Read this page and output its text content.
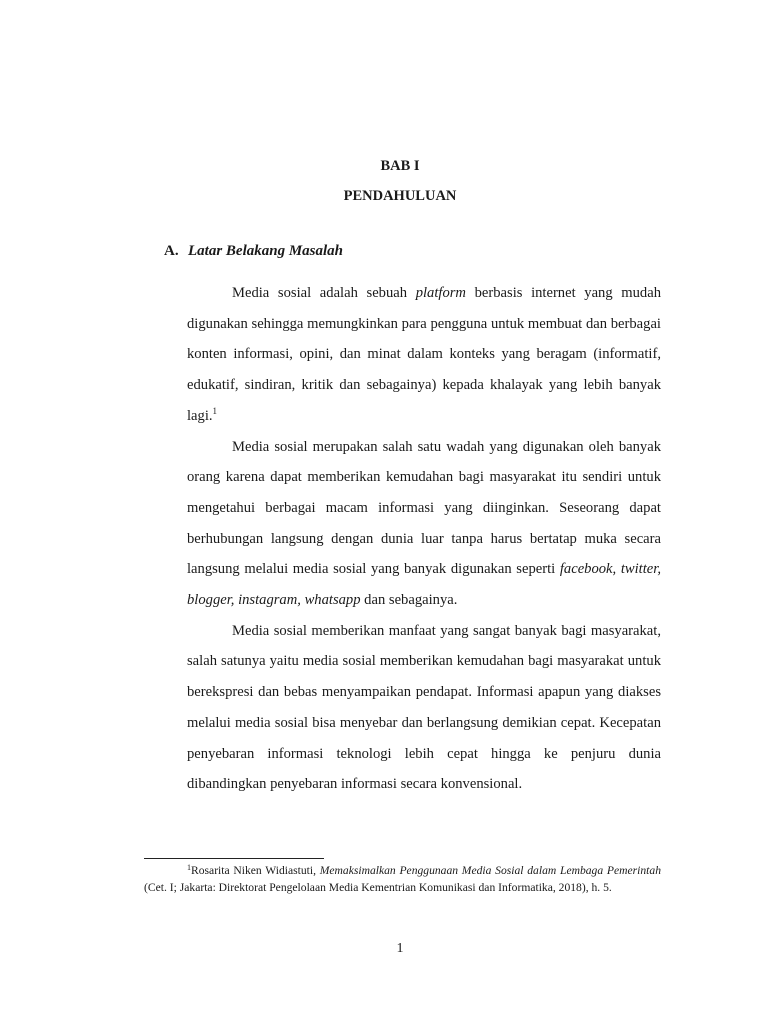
BAB I
PENDAHULUAN
A. Latar Belakang Masalah

Media sosial adalah sebuah platform berbasis internet yang mudah digunakan sehingga memungkinkan para pengguna untuk membuat dan berbagai konten informasi, opini, dan minat dalam konteks yang beragam (informatif, edukatif, sindiran, kritik dan sebagainya) kepada khalayak yang lebih banyak lagi.$^1$

Media sosial merupakan salah satu wadah yang digunakan oleh banyak orang karena dapat memberikan kemudahan bagi masyarakat itu sendiri untuk mengetahui berbagai macam informasi yang diinginkan. Seseorang dapat berhubungan langsung dengan dunia luar tanpa harus bertatap muka secara langsung melalui media sosial yang banyak digunakan seperti facebook, twitter, blogger, instagram, whatsapp dan sebagainya.

Media sosial memberikan manfaat yang sangat banyak bagi masyarakat, salah satunya yaitu media sosial memberikan kemudahan bagi masyarakat untuk berekspresi dan bebas menyampaikan pendapat. Informasi apapun yang diakses melalui media sosial bisa menyebar dan berlangsung demikian cepat. Kecepatan penyebaran informasi teknologi lebih cepat hingga ke penjuru dunia dibandingkan penyebaran informasi secara konvensional.

$^1$Rosarita Niken Widiastuti, Memaksimalkan Penggunaan Media Sosial dalam Lembaga Pemerintah (Cet. I; Jakarta: Direktorat Pengelolaan Media Kementrian Komunikasi dan Informatika, 2018), h. 5.

1
